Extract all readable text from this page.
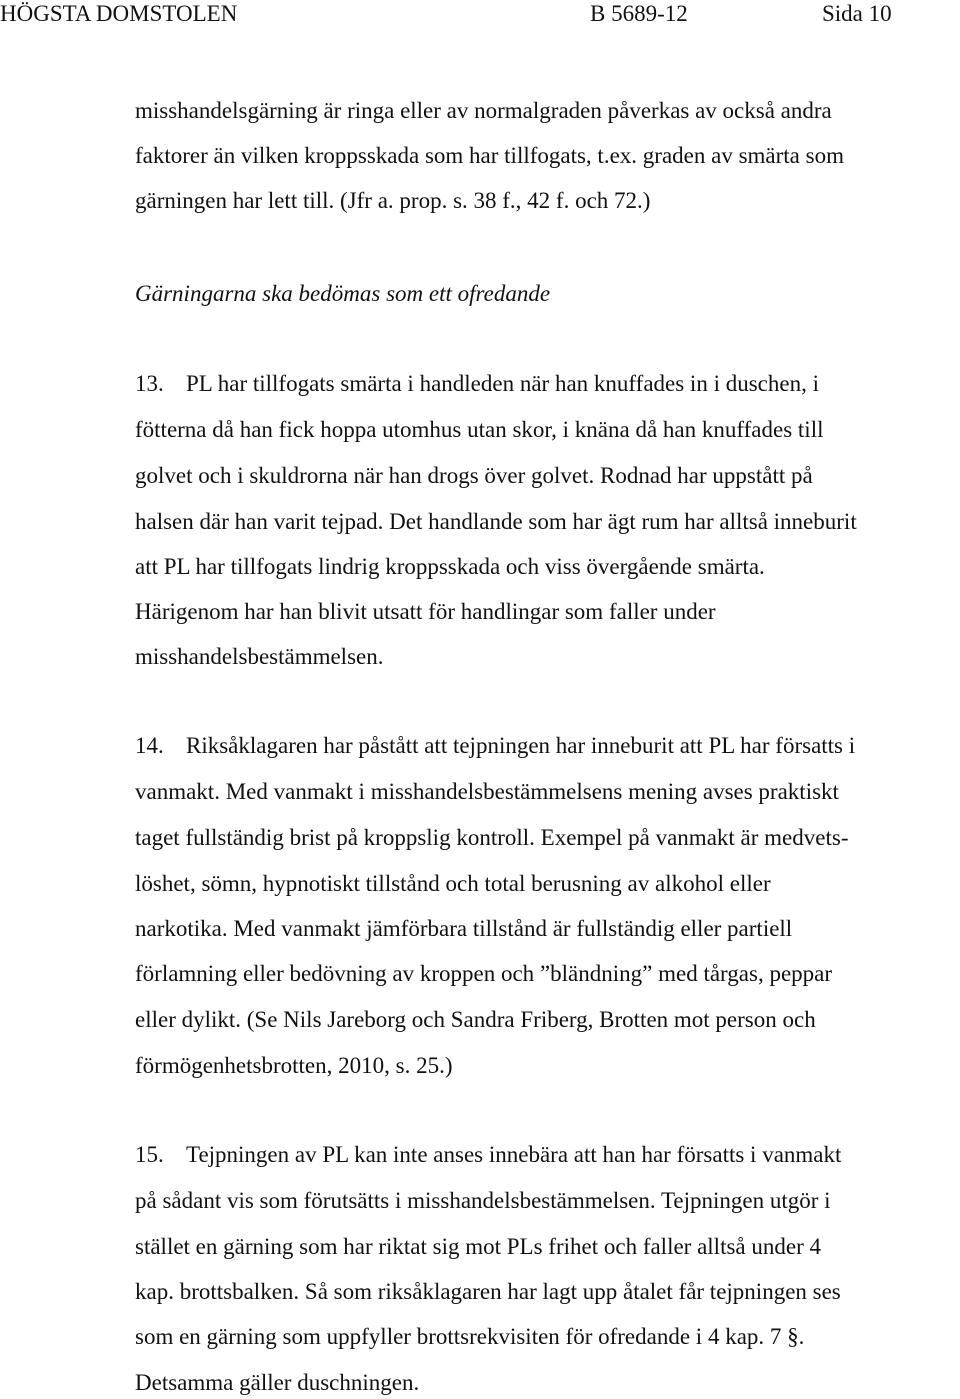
HÖGSTA DOMSTOLEN	B 5689-12	Sida 10
misshandelsgärning är ringa eller av normalgraden påverkas av också andra
faktorer än vilken kroppsskada som har tillfogats, t.ex. graden av smärta som
gärningen har lett till. (Jfr a. prop. s. 38 f., 42 f. och 72.)
Gärningarna ska bedömas som ett ofredande
13. PL har tillfogats smärta i handleden när han knuffades in i duschen, i
fötterna då han fick hoppa utomhus utan skor, i knäna då han knuffades till
golvet och i skuldrorna när han drogs över golvet. Rodnad har uppstått på
halsen där han varit tejpad. Det handlande som har ägt rum har alltså inneburit
att PL har tillfogats lindrig kroppsskada och viss övergående smärta.
Härigenom har han blivit utsatt för handlingar som faller under
misshandelsbestämmelsen.
14. Riksåklagaren har påstått att tejpningen har inneburit att PL har försatts i
vanmakt. Med vanmakt i misshandelsbestämmelsens mening avses praktiskt
taget fullständig brist på kroppslig kontroll. Exempel på vanmakt är medvets-
löshet, sömn, hypnotiskt tillstånd och total berusning av alkohol eller
narkotika. Med vanmakt jämförbara tillstånd är fullständig eller partiell
förlamning eller bedövning av kroppen och ”bländning” med tårgas, peppar
eller dylikt. (Se Nils Jareborg och Sandra Friberg, Brotten mot person och
förmögenhetsbrotten, 2010, s. 25.)
15. Tejpningen av PL kan inte anses innebära att han har försatts i vanmakt
på sådant vis som förutsätts i misshandelsbestämmelsen. Tejpningen utgör i
stället en gärning som har riktat sig mot PLs frihet och faller alltså under 4
kap. brottsbalken. Så som riksåklagaren har lagt upp åtalet får tejpningen ses
som en gärning som uppfyller brottsrekvisiten för ofredande i 4 kap. 7 §.
Detsamma gäller duschningen.
